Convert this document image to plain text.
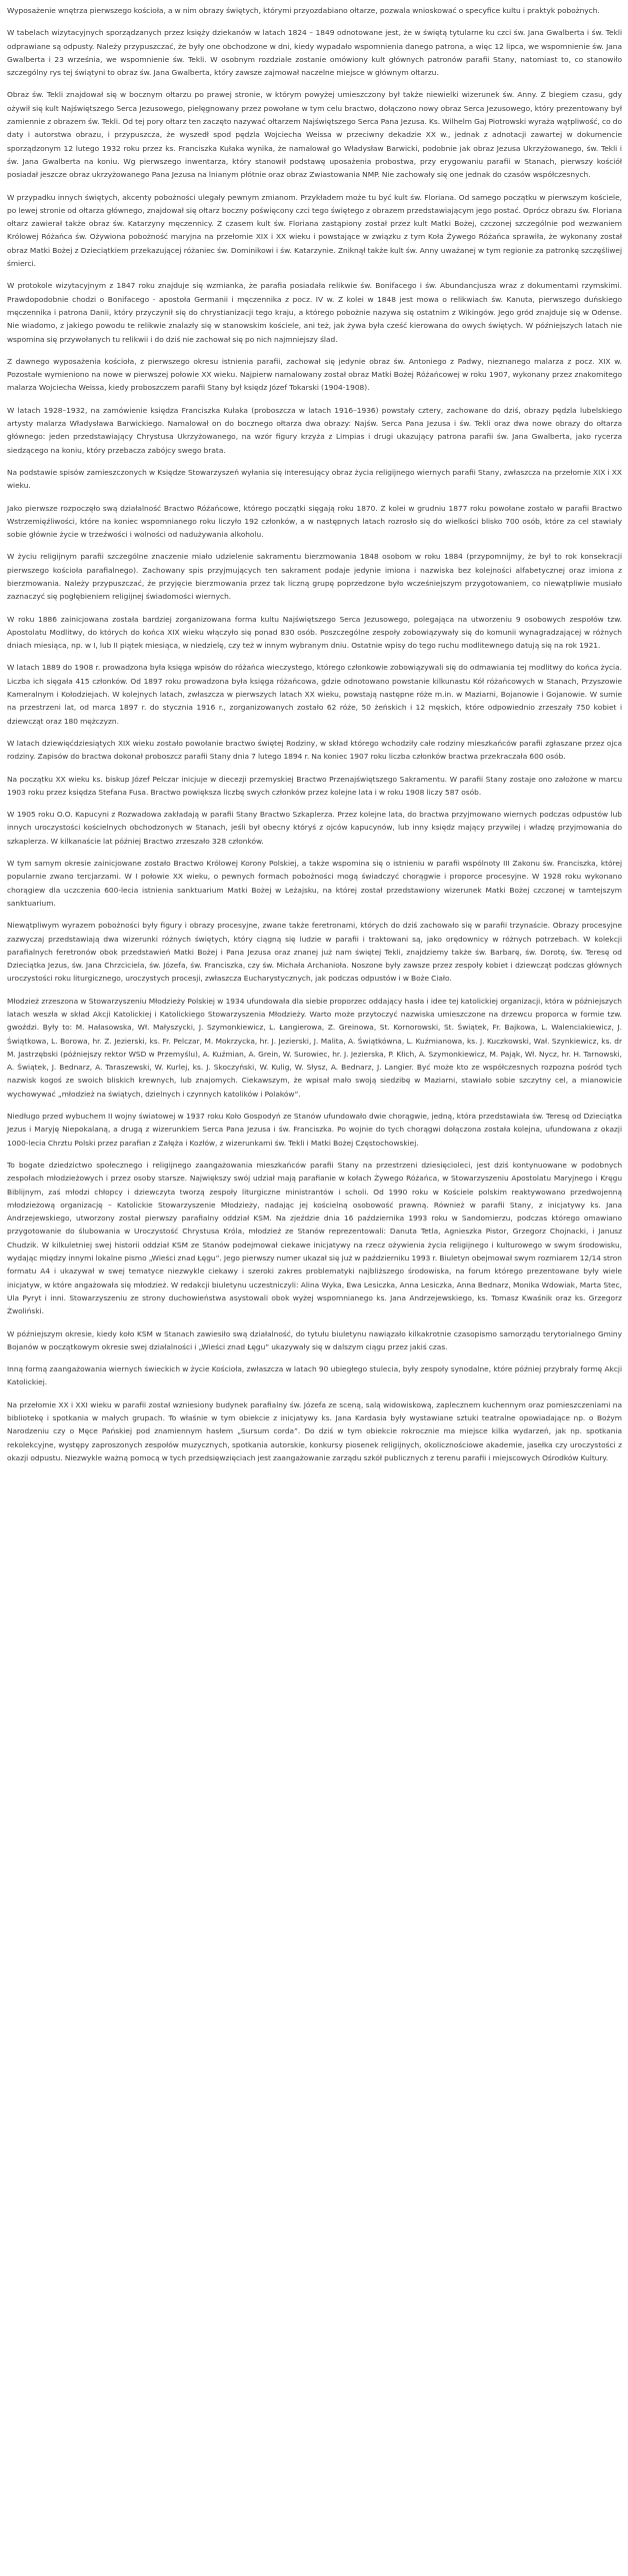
Wyposażenie wnętrza pierwszego kościoła, a w nim obrazy świętych, którymi przyozdabiano ołtarze, pozwala wnioskować o specyfice kultu i praktyk pobożnych.

W tabelach wizytacyjnych sporządzanych przez księży dziekanów w latach 1824 – 1849 odnotowane jest, że w świętą tytularne ku czci św. Jana Gwalberta i św. Tekli odprawiane są odpusty. Należy przypuszczać, że były one obchodzone w dni, kiedy wypadało wspomnienia danego patrona, a więc 12 lipca, we wspomnienie św. Jana Gwalberta i 23 września, we wspomnienie św. Tekli. W osobnym rozdziale zostanie omówiony kult głównych patronów parafii Stany, natomiast to, co stanowiło szczególny rys tej świątyni to obraz św. Jana Gwalberta, który zawsze zajmował naczelne miejsce w głównym ołtarzu.

Obraz św. Tekli znajdował się w bocznym ołtarzu po prawej stronie, w którym powyżej umieszczony był także niewielki wizerunek św. Anny. Z biegiem czasu, gdy ożywił się kult Najświętszego Serca Jezusowego, pielęgnowany przez powołane w tym celu bractwo, dołączono nowy obraz Serca Jezusowego, który prezentowany był zamiennie z obrazem św. Tekli. Od tej pory ołtarz ten zaczęto nazywać ołtarzem Najświętszego Serca Pana Jezusa. Ks. Wilhelm Gaj Piotrowski wyraża wątpliwość, co do daty i autorstwa obrazu, i przypuszcza, że wyszedł spod pędzla Wojciecha Weissa w przeciwny dekadzie XX w., jednak z adnotacji zawartej w dokumencie sporządzonym 12 lutego 1932 roku przez ks. Franciszka Kułaka wynika, że namalował go Władysław Barwicki, podobnie jak obraz Jezusa Ukrzyżowanego, św. Tekli i św. Jana Gwalberta na koniu. Wg pierwszego inwentarza, który stanowił podstawę uposażenia probostwa, przy erygowaniu parafii w Stanach, pierwszy kościół posiadał jeszcze obraz ukrzyżowanego Pana Jezusa na lnianym płótnie oraz obraz Zwiastowania NMP. Nie zachowały się one jednak do czasów współczesnych.

W przypadku innych świętych, akcenty pobożności ulegały pewnym zmianom. Przykładem może tu być kult św. Floriana. Od samego początku w pierwszym kościele, po lewej stronie od ołtarza głównego, znajdował się ołtarz boczny poświęcony czci tego świętego z obrazem przedstawiającym jego postać. Oprócz obrazu św. Floriana ołtarz zawierał także obraz św. Katarzyny męczennicy. Z czasem kult św. Floriana zastąpiony został przez kult Matki Bożej, czczonej szczególnie pod wezwaniem Królowej Różańca św. Ożywiona pobożność maryjna na przełomie XIX i XX wieku i powstające w związku z tym Koła Żywego Różańca sprawiła, że wykonany został obraz Matki Bożej z Dzieciątkiem przekazującej różaniec św. Dominikowi i św. Katarzynie. Zniknął także kult św. Anny uważanej w tym regionie za patronkę szczęśliwej śmierci.

W protokole wizytacyjnym z 1847 roku znajduje się wzmianka, że parafia posiadała relikwie św. Bonifacego i św. Abundancjusza wraz z dokumentami rzymskimi. Prawdopodobnie chodzi o Bonifacego - apostoła Germanii i męczennika z pocz. IV w. Z kolei w 1848 jest mowa o relikwiach św. Kanuta, pierwszego duńskiego męczennika i patrona Danii, który przyczynił się do chrystianizacji tego kraju, a którego pobożnie nazywa się ostatnim z Wikingów. Jego gród znajduje się w Odense. Nie wiadomo, z jakiego powodu te relikwie znalazły się w stanowskim kościele, ani też, jak żywa była cześć kierowana do owych świętych. W późniejszych latach nie wspomina się przywołanych tu relikwii i do dziś nie zachował się po nich najmniejszy ślad.

Z dawnego wyposażenia kościoła, z pierwszego okresu istnienia parafii, zachował się jedynie obraz św. Antoniego z Padwy, nieznanego malarza z pocz. XIX w. Pozostałe wymieniono na nowe w pierwszej połowie XX wieku. Najpierw namalowany został obraz Matki Bożej Różańcowej w roku 1907, wykonany przez znakomitego malarza Wojciecha Weissa, kiedy proboszczem parafii Stany był księdz Józef Tokarski (1904-1908).

W latach 1928–1932, na zamówienie księdza Franciszka Kułaka (proboszcza w latach 1916–1936) powstały cztery, zachowane do dziś, obrazy pędzla lubelskiego artysty malarza Władysława Barwickiego. Namalował on do bocznego ołtarza dwa obrazy: Najśw. Serca Pana Jezusa i św. Tekli oraz dwa nowe obrazy do ołtarza głównego: jeden przedstawiający Chrystusa Ukrzyżowanego, na wzór figury krzyża z Limpias i drugi ukazujący patrona parafii św. Jana Gwalberta, jako rycerza siedzącego na koniu, który przebacza zabójcy swego brata.

Na podstawie spisów zamieszczonych w Księdze Stowarzyszeń wyłania się interesujący obraz życia religijnego wiernych parafii Stany, zwłaszcza na przełomie XIX i XX wieku.

Jako pierwsze rozpoczęło swą działalność Bractwo Różańcowe, którego początki sięgają roku 1870. Z kolei w grudniu 1877 roku powołane zostało w parafii Bractwo Wstrzemięźliwości, które na koniec wspomnianego roku liczyło 192 członków, a w następnych latach rozrosło się do wielkości blisko 700 osób, które za cel stawiały sobie głównie życie w trzeźwości i wolności od nadużywania alkoholu.

W życiu religijnym parafii szczególne znaczenie miało udzielenie sakramentu bierzmowania 1848 osobom w roku 1884 (przypomnijmy, że był to rok konsekracji pierwszego kościoła parafialnego). Zachowany spis przyjmujących ten sakrament podaje jedynie imiona i nazwiska bez kolejności alfabetycznej oraz imiona z bierzmowania. Należy przypuszczać, że przyjęcie bierzmowania przez tak liczną grupę poprzedzone było wcześniejszym przygotowaniem, co niewątpliwie musiało zaznaczyć się pogłębieniem religijnej świadomości wiernych.

W roku 1886 zainicjowana została bardziej zorganizowana forma kultu Najświętszego Serca Jezusowego, polegająca na utworzeniu 9 osobowych zespołów tzw. Apostolatu Modlitwy, do których do końca XIX wieku włączyło się ponad 830 osób. Poszczególne zespoły zobowiązywały się do komunii wynagradzającej w różnych dniach miesiąca, np. w I, lub II piątek miesiąca, w niedzielę, czy też w innym wybranym dniu. Ostatnie wpisy do tego ruchu modlitewnego datują się na rok 1921.

W latach 1889 do 1908 r. prowadzona była księga wpisów do różańca wieczystego, którego członkowie zobowiązywali się do odmawiania tej modlitwy do końca życia. Liczba ich sięgała 415 członków. Od 1897 roku prowadzona była księga różańcowa, gdzie odnotowano powstanie kilkunastu Kół różańcowych w Stanach, Przyszowie Kameralnym i Kołodziejach. W kolejnych latach, zwłaszcza w pierwszych latach XX wieku, powstają następne róże m.in. w Maziarni, Bojanowie i Gojanowie. W sumie na przestrzeni lat, od marca 1897 r. do stycznia 1916 r., zorganizowanych zostało 62 róże, 50 żeńskich i 12 męskich, które odpowiednio zrzeszały 750 kobiet i dziewcząt oraz 180 mężczyzn.

W latach dziewięćdziesiątych XIX wieku zostało powołanie bractwo świętej Rodziny, w skład którego wchodziły całe rodziny mieszkańców parafii zgłaszane przez ojca rodziny. Zapisów do bractwa dokonał proboszcz parafii Stany dnia 7 lutego 1894 r. Na koniec 1907 roku liczba członków bractwa przekraczała 600 osób.

Na początku XX wieku ks. biskup Józef Pelczar inicjuje w diecezji przemyskiej Bractwo Przenajświętszego Sakramentu. W parafii Stany zostaje ono założone w marcu 1903 roku przez księdza Stefana Fusa. Bractwo powiększa liczbę swych członków przez kolejne lata i w roku 1908 liczy 587 osób.

W 1905 roku O.O. Kapucyni z Rozwadowa zakładają w parafii Stany Bractwo Szkaplerza. Przez kolejne lata, do bractwa przyjmowano wiernych podczas odpustów lub innych uroczystości kościelnych obchodzonych w Stanach, jeśli był obecny któryś z ojców kapucynów, lub inny księdz mający przywilej i władzę przyjmowania do szkaplerza. W kilkanaście lat później Bractwo zrzeszało 328 członków.

W tym samym okresie zainicjowane zostało Bractwo Królowej Korony Polskiej, a także wspomina się o istnieniu w parafii wspólnoty III Zakonu św. Franciszka, której popularnie zwano tercjarzami. W I połowie XX wieku, o pewnych formach pobożności mogą świadczyć chorągwie i proporce procesyjne. W 1928 roku wykonano chorągiew dla uczczenia 600-lecia istnienia sanktuarium Matki Bożej w Leżajsku, na której został przedstawiony wizerunek Matki Bożej czczonej w tamtejszym sanktuarium.

Niewątpliwym wyrazem pobożności były figury i obrazy procesyjne, zwane także feretronami, których do dziś zachowało się w parafii trzynaście. Obrazy procesyjne zazwyczaj przedstawiają dwa wizerunki różnych świętych, który ciągną się ludzie w parafii i traktowani są, jako orędownicy w różnych potrzebach. W kolekcji parafialnych feretronów obok przedstawień Matki Bożej i Pana Jezusa oraz znanej już nam świętej Tekli, znajdziemy także św. Barbarę, św. Dorotę, św. Teresę od Dzieciątka Jezus, św. Jana Chrzciciela, św. Józefa, św. Franciszka, czy św. Michała Archanioła. Noszone były zawsze przez zespoły kobiet i dziewcząt podczas głównych uroczystości roku liturgicznego, uroczystych procesji, zwłaszcza Eucharystycznych, jak podczas odpustów i w Boże Ciało.

Młodzież zrzeszona w Stowarzyszeniu Młodzieży Polskiej w 1934 ufundowała dla siebie proporzec oddający hasła i idee tej katolickiej organizacji, która w późniejszych latach weszła w skład Akcji Katolickiej i Katolickiego Stowarzyszenia Młodzieży. Warto może przytoczyć nazwiska umieszczone na drzewcu proporca w formie tzw. gwoździ. Były to: M. Hałasowska, Wł. Małyszycki, J. Szymonkiewicz, L. Łangierowa, Z. Greinowa, St. Kornorowski, St. Świątek, Fr. Bajkowa, L. Walenciakiewicz, J. Świątkowa, L. Borowa, hr. Z. Jezierski, ks. Fr. Pelczar, M. Mokrzycka, hr. J. Jezierski, J. Malita, A. Świątkówna, L. Kuźmianowa, ks. J. Kuczkowski, Wał. Szynkiewicz, ks. dr M. Jastrzębski (późniejszy rektor WSD w Przemyślu), A. Kuźmian, A. Grein, W. Surowiec, hr. J. Jezierska, P. Kłich, A. Szymonkiewicz, M. Pająk, Wł. Nycz, hr. H. Tarnowski, A. Świątek, J. Bednarz, A. Taraszewski, W. Kurlej, ks. J. Skoczyński, W. Kulig, W. Słysz, A. Bednarz, J. Langier. Być może kto ze współczesnych rozpozna pośród tych nazwisk kogoś ze swoich bliskich krewnych, lub znajomych. Ciekawszym, że wpisał mało swoją siedzibę w Maziarni, stawiało sobie szczytny cel, a mianowicie wychowywać „młodzież na świątych, dzielnych i czynnych katolików i Polaków”.

Niedługo przed wybuchem II wojny światowej w 1937 roku Koło Gospodyń ze Stanów ufundowało dwie chorągwie, jedną, która przedstawiała św. Teresę od Dzieciątka Jezus i Maryję Niepokalaną, a drugą z wizerunkiem Serca Pana Jezusa i św. Franciszka. Po wojnie do tych chorągwi dołączona została kolejna, ufundowana z okazji 1000-lecia Chrztu Polski przez parafian z Załęża i Kozłów, z wizerunkami św. Tekli i Matki Bożej Częstochowskiej.

To bogate dziedzictwo społecznego i religijnego zaangażowania mieszkańców parafii Stany na przestrzeni dziesięcioleci, jest dziś kontynuowane w podobnych zespołach młodzieżowych i przez osoby starsze. Największy swój udział mają parafianie w kołach Żywego Różańca, w Stowarzyszeniu Apostolatu Maryjnego i Kręgu Biblijnym, zaś młodzi chłopcy i dziewczyta tworzą zespoły liturgiczne ministrantów i scholi. Od 1990 roku w Kościele polskim reaktywowano przedwojenną młodzieżową organizację – Katolickie Stowarzyszenie Młodzieży, nadając jej kościelną osobowość prawną. Również w parafii Stany, z inicjatywy ks. Jana Andrzejewskiego, utworzony został pierwszy parafialny oddział KSM. Na zjeździe dnia 16 października 1993 roku w Sandomierzu, podczas którego omawiano przygotowanie do ślubowania w Uroczystość Chrystusa Króla, młodzież ze Stanów reprezentowali: Danuta Tetla, Agnieszka Pistor, Grzegorz Chojnacki, i Janusz Chudzik. W kilkuletniej swej historii oddział KSM ze Stanów podejmował ciekawe inicjatywy na rzecz ożywienia życia religijnego i kulturowego w swym środowisku, wydając między innymi lokalne pismo „Wieści znad Łęgu”. Jego pierwszy numer ukazał się już w październiku 1993 r. Biuletyn obejmował swym rozmiarem 12/14 stron formatu A4 i ukazywał w swej tematyce niezwykle ciekawy i szeroki zakres problematyki najbliższego środowiska, na forum którego prezentowane były wiele inicjatyw, w które angażowała się młodzież. W redakcji biuletynu uczestniczyli: Alina Wyka, Ewa Lesiczka, Anna Lesiczka, Anna Bednarz, Monika Wdowiak, Marta Stec, Ula Pyryt i inni. Stowarzyszeniu ze strony duchowieństwa asystowali obok wyżej wspomnianego ks. Jana Andrzejewskiego, ks. Tomasz Kwaśnik oraz ks. Grzegorz Żwoliński.

W późniejszym okresie, kiedy koło KSM w Stanach zawiesiło swą działalność, do tytułu biuletynu nawiązało kilkakrotnie czasopismo samorządu terytorialnego Gminy Bojanów w początkowym okresie swej działalności i „Wieści znad Łęgu” ukazywały się w dalszym ciągu przez jakiś czas.

Inną formą zaangażowania wiernych świeckich w życie Kościoła, zwłaszcza w latach 90 ubiegłego stulecia, były zespoły synodalne, które później przybrały formę Akcji Katolickiej.

Na przełomie XX i XXI wieku w parafii został wzniesiony budynek parafialny św. Józefa ze sceną, salą widowiskową, zaplecznem kuchennym oraz pomieszczeniami na bibliotekę i spotkania w małych grupach. To właśnie w tym obiekcie z inicjatywy ks. Jana Kardasia były wystawiane sztuki teatralne opowiadające np. o Bożym Narodzeniu czy o Męce Pańskiej pod znamiennym hasłem „Sursum corda”. Do dziś w tym obiekcie rokrocznie ma miejsce kilka wydarzeń, jak np. spotkania rekolekcyjne, występy zaproszonych zespołów muzycznych, spotkania autorskie, konkursy piosenek religijnych, okolicznościowe akademie, jasełka czy uroczystości z okazji odpustu. Niezwykle ważną pomocą w tych przedsięwzięciach jest zaangażowanie zarządu szkół publicznych z terenu parafii i miejscowych Ośrodków Kultury.
